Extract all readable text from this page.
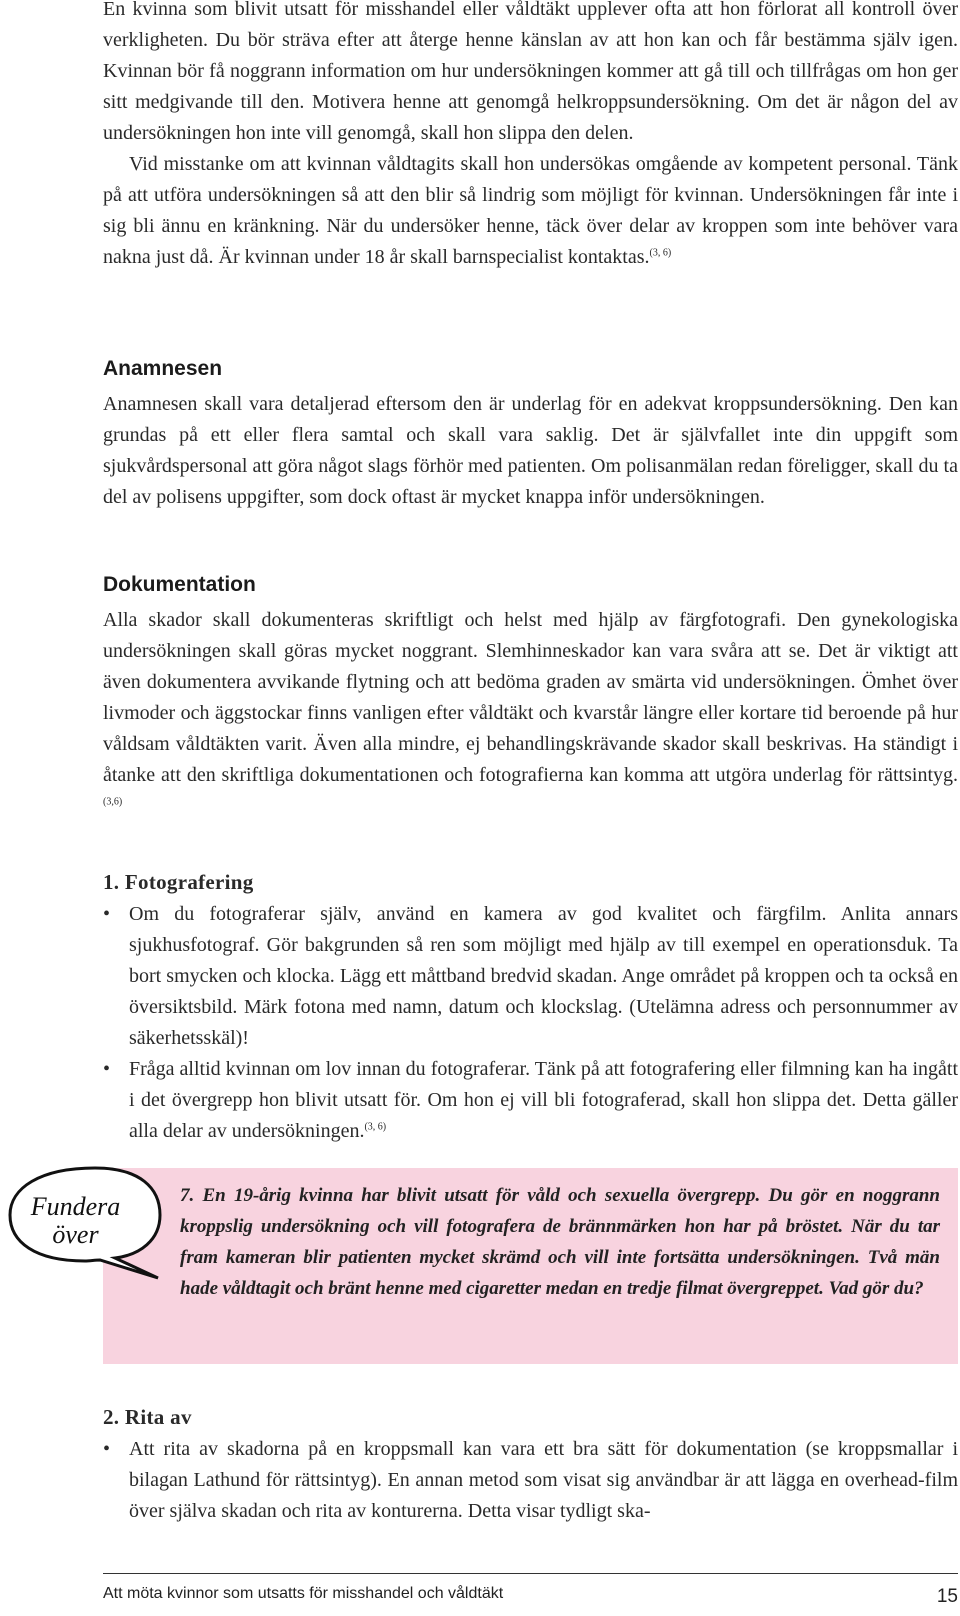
En kvinna som blivit utsatt för misshandel eller våldtäkt upplever ofta att hon förlorat all kontroll över verkligheten. Du bör sträva efter att återge henne känslan av att hon kan och får bestämma själv igen. Kvinnan bör få noggrann information om hur undersökningen kommer att gå till och tillfrågas om hon ger sitt medgivande till den. Motivera henne att genomgå helkroppsundersökning. Om det är någon del av undersökningen hon inte vill genomgå, skall hon slippa den delen.

Vid misstanke om att kvinnan våldtagits skall hon undersökas omgående av kompetent personal. Tänk på att utföra undersökningen så att den blir så lindrig som möjligt för kvinnan. Undersökningen får inte i sig bli ännu en kränkning. När du undersöker henne, täck över delar av kroppen som inte behöver vara nakna just då. Är kvinnan under 18 år skall barnspecialist kontaktas.$^{(3, 6)}$

Anamnesen

Anamnesen skall vara detaljerad eftersom den är underlag för en adekvat kroppsundersökning. Den kan grundas på ett eller flera samtal och skall vara saklig. Det är självfallet inte din uppgift som sjukvårdspersonal att göra något slags förhör med patienten. Om polisanmälan redan föreligger, skall du ta del av polisens uppgifter, som dock oftast är mycket knappa inför undersökningen.

Dokumentation

Alla skador skall dokumenteras skriftligt och helst med hjälp av färgfotografi. Den gynekologiska undersökningen skall göras mycket noggrant. Slemhinneskador kan vara svåra att se. Det är viktigt att även dokumentera avvikande flytning och att bedöma graden av smärta vid undersökningen. Ömhet över livmoder och äggstockar finns vanligen efter våldtäkt och kvarstår längre eller kortare tid beroende på hur våldsam våldtäkten varit. Även alla mindre, ej behandlingskrävande skador skall beskrivas. Ha ständigt i åtanke att den skriftliga dokumentationen och fotografierna kan komma att utgöra underlag för rättsintyg.$^{(3,6)}$

1. Fotografering
• Om du fotograferar själv, använd en kamera av god kvalitet och färgfilm. Anlita annars sjukhusfotograf. Gör bakgrunden så ren som möjligt med hjälp av till exempel en operationsduk. Ta bort smycken och klocka. Lägg ett måttband bredvid skadan. Ange området på kroppen och ta också en översiktsbild. Märk fotona med namn, datum och klockslag. (Utelämna adress och personnummer av säkerhetsskäl)!
• Fråga alltid kvinnan om lov innan du fotograferar. Tänk på att fotografering eller filmning kan ha ingått i det övergrepp hon blivit utsatt för. Om hon ej vill bli fotograferad, skall hon slippa det. Detta gäller alla delar av undersökningen.$^{(3, 6)}$
Fundera
över
7. En 19-årig kvinna har blivit utsatt för våld och sexuella övergrepp. Du gör en noggrann kroppslig undersökning och vill fotografera de brännmärken hon har på bröstet. När du tar fram kameran blir patienten mycket skrämd och vill inte fortsätta undersökningen. Två män hade våldtagit och bränt henne med cigaretter medan en tredje filmat övergreppet. Vad gör du?
2. Rita av
• Att rita av skadorna på en kroppsmall kan vara ett bra sätt för dokumentation (se kroppsmallar i bilagan Lathund för rättsintyg). En annan metod som visat sig användbar är att lägga en overhead-film över själva skadan och rita av konturerna. Detta visar tydligt ska-
Att möta kvinnor som utsatts för misshandel och våldtäkt	15
